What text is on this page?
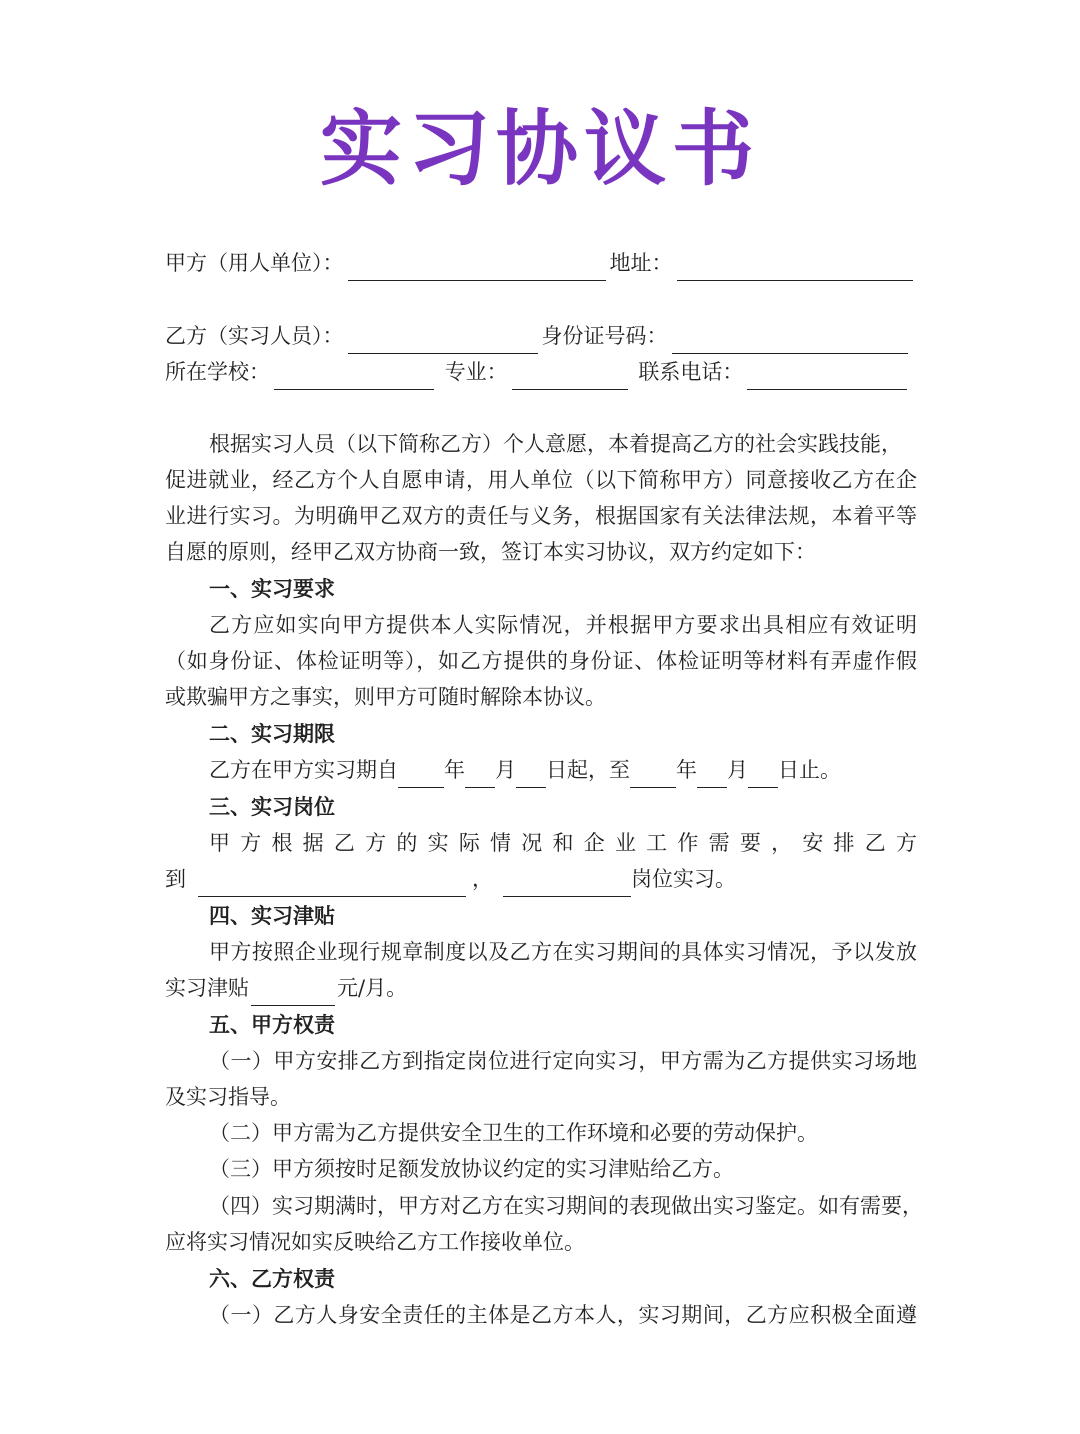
实习协议书
甲方（用人单位）：	地址：
乙方（实习人员）：	身份证号码：
所在学校：	专业：	联系电话：
根据实习人员（以下简称乙方）个人意愿，本着提高乙方的社会实践技能，
促进就业，经乙方个人自愿申请，用人单位（以下简称甲方）同意接收乙方在企
业进行实习。为明确甲乙双方的责任与义务，根据国家有关法律法规，本着平等
自愿的原则，经甲乙双方协商一致，签订本实习协议，双方约定如下：
一、实习要求
乙方应如实向甲方提供本人实际情况，并根据甲方要求出具相应有效证明
（如身份证、体检证明等），如乙方提供的身份证、体检证明等材料有弄虚作假
或欺骗甲方之事实，则甲方可随时解除本协议。
二、实习期限
乙方在甲方实习期自 年 月 日起，至 年 月 日止。
三、实习岗位
甲方根据乙方的实际情况和企业工作需要，安排乙方
到	，	岗位实习。
四、实习津贴
甲方按照企业现行规章制度以及乙方在实习期间的具体实习情况，予以发放
实习津贴	元/月。
五、甲方权责
（一）甲方安排乙方到指定岗位进行定向实习，甲方需为乙方提供实习场地
及实习指导。
（二）甲方需为乙方提供安全卫生的工作环境和必要的劳动保护。
（三）甲方须按时足额发放协议约定的实习津贴给乙方。
（四）实习期满时，甲方对乙方在实习期间的表现做出实习鉴定。如有需要，
应将实习情况如实反映给乙方工作接收单位。
六、乙方权责
（一）乙方人身安全责任的主体是乙方本人，实习期间，乙方应积极全面遵
